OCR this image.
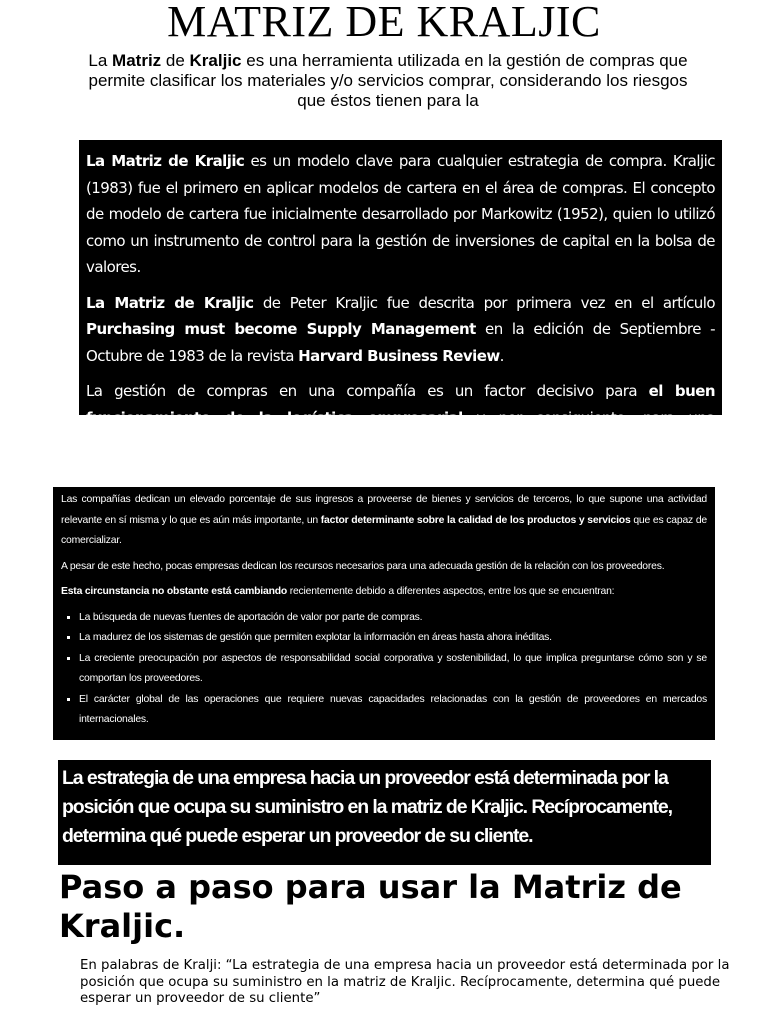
MATRIZ DE KRALJIC
La Matriz de Kraljic es una herramienta utilizada en la gestión de compras que permite clasificar los materiales y/o servicios comprar, considerando los riesgos que éstos tienen para la

La Matriz de Kraljic es un modelo clave para cualquier estrategia de compra. Kraljic (1983) fue el primero en aplicar modelos de cartera en el área de compras. El concepto de modelo de cartera fue inicialmente desarrollado por Markowitz (1952), quien lo utilizó como un instrumento de control para la gestión de inversiones de capital en la bolsa de valores.

La Matriz de Kraljic de Peter Kraljic fue descrita por primera vez en el artículo Purchasing must become Supply Management en la edición de Septiembre -Octubre de 1983 de la revista Harvard Business Review.

La gestión de compras en una compañía es un factor decisivo para el buen funcionamiento de la logística empresarial y por consiguiente, para una administración efectiva del negocio.

Las compañías dedican un elevado porcentaje de sus ingresos a proveerse de bienes y servicios de terceros, lo que supone una actividad relevante en sí misma y lo que es aún más importante, un factor determinante sobre la calidad de los productos y servicios que es capaz de comercializar.

A pesar de este hecho, pocas empresas dedican los recursos necesarios para una adecuada gestión de la relación con los proveedores.

Esta circunstancia no obstante está cambiando recientemente debido a diferentes aspectos, entre los que se encuentran:

▪ La búsqueda de nuevas fuentes de aportación de valor por parte de compras.
▪ La madurez de los sistemas de gestión que permiten explotar la información en áreas hasta ahora inéditas.
▪ La creciente preocupación por aspectos de responsabilidad social corporativa y sostenibilidad, lo que implica preguntarse cómo son y se comportan los proveedores.
▪ El carácter global de las operaciones que requiere nuevas capacidades relacionadas con la gestión de proveedores en mercados internacionales.
La estrategia de una empresa hacia un proveedor está determinada por la posición que ocupa su suministro en la matriz de Kraljic. Recíprocamente, determina qué puede esperar un proveedor de su cliente.
Paso a paso para usar la Matriz de Kraljic.

En palabras de Kralji: “La estrategia de una empresa hacia un proveedor está determinada por la posición que ocupa su suministro en la matriz de Kraljic. Recíprocamente, determina qué puede esperar un proveedor de su cliente”
